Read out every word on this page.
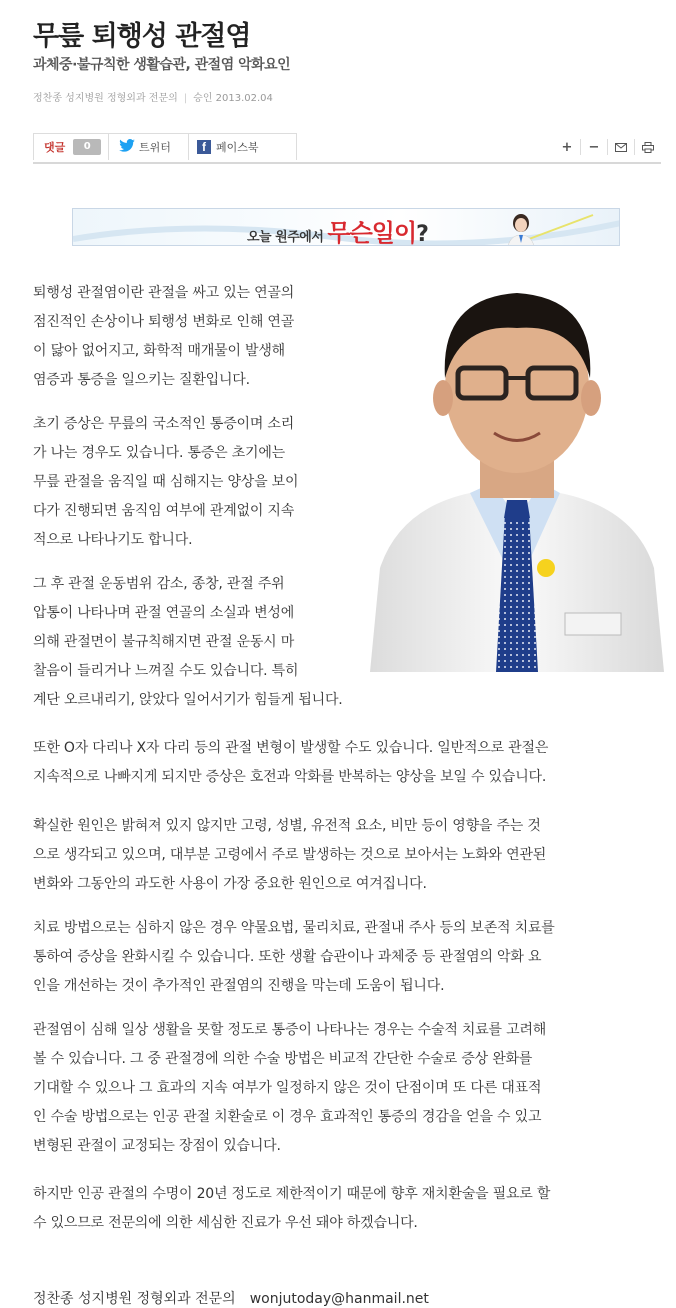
무릎 퇴행성 관절염
과체중·불규칙한 생활습관, 관절염 악화요인
정찬종 성지병원 정형외과 전문의 | 승인 2013.02.04
댓글	0	트위터	f 페이스북	+	−
오늘 원주에서 무슨일이?
퇴행성 관절염이란 관절을 싸고 있는 연골의
점진적인 손상이나 퇴행성 변화로 인해 연골
이 닳아 없어지고, 화학적 매개물이 발생해
염증과 통증을 일으키는 질환입니다.
초기 증상은 무릎의 국소적인 통증이며 소리
가 나는 경우도 있습니다. 통증은 초기에는
무릎 관절을 움직일 때 심해지는 양상을 보이
다가 진행되면 움직임 여부에 관계없이 지속
적으로 나타나기도 합니다.
그 후 관절 운동범위 감소, 종창, 관절 주위
압통이 나타나며 관절 연골의 소실과 변성에
의해 관절면이 불규칙해지면 관절 운동시 마
찰음이 들리거나 느껴질 수도 있습니다. 특히
계단 오르내리기, 앉았다 일어서기가 힘들게 됩니다.
또한 O자 다리나 X자 다리 등의 관절 변형이 발생할 수도 있습니다. 일반적으로 관절은
지속적으로 나빠지게 되지만 증상은 호전과 악화를 반복하는 양상을 보일 수 있습니다.
확실한 원인은 밝혀져 있지 않지만 고령, 성별, 유전적 요소, 비만 등이 영향을 주는 것
으로 생각되고 있으며, 대부분 고령에서 주로 발생하는 것으로 보아서는 노화와 연관된
변화와 그동안의 과도한 사용이 가장 중요한 원인으로 여겨집니다.
치료 방법으로는 심하지 않은 경우 약물요법, 물리치료, 관절내 주사 등의 보존적 치료를
통하여 증상을 완화시킬 수 있습니다. 또한 생활 습관이나 과체중 등 관절염의 악화 요
인을 개선하는 것이 추가적인 관절염의 진행을 막는데 도움이 됩니다.
관절염이 심해 일상 생활을 못할 정도로 통증이 나타나는 경우는 수술적 치료를 고려해
볼 수 있습니다. 그 중 관절경에 의한 수술 방법은 비교적 간단한 수술로 증상 완화를
기대할 수 있으나 그 효과의 지속 여부가 일정하지 않은 것이 단점이며 또 다른 대표적
인 수술 방법으로는 인공 관절 치환술로 이 경우 효과적인 통증의 경감을 얻을 수 있고
변형된 관절이 교정되는 장점이 있습니다.
하지만 인공 관절의 수명이 20년 정도로 제한적이기 때문에 향후 재치환술을 필요로 할
수 있으므로 전문의에 의한 세심한 진료가 우선 돼야 하겠습니다.
정찬종 성지병원 정형외과 전문의 wonjutoday@hanmail.net
